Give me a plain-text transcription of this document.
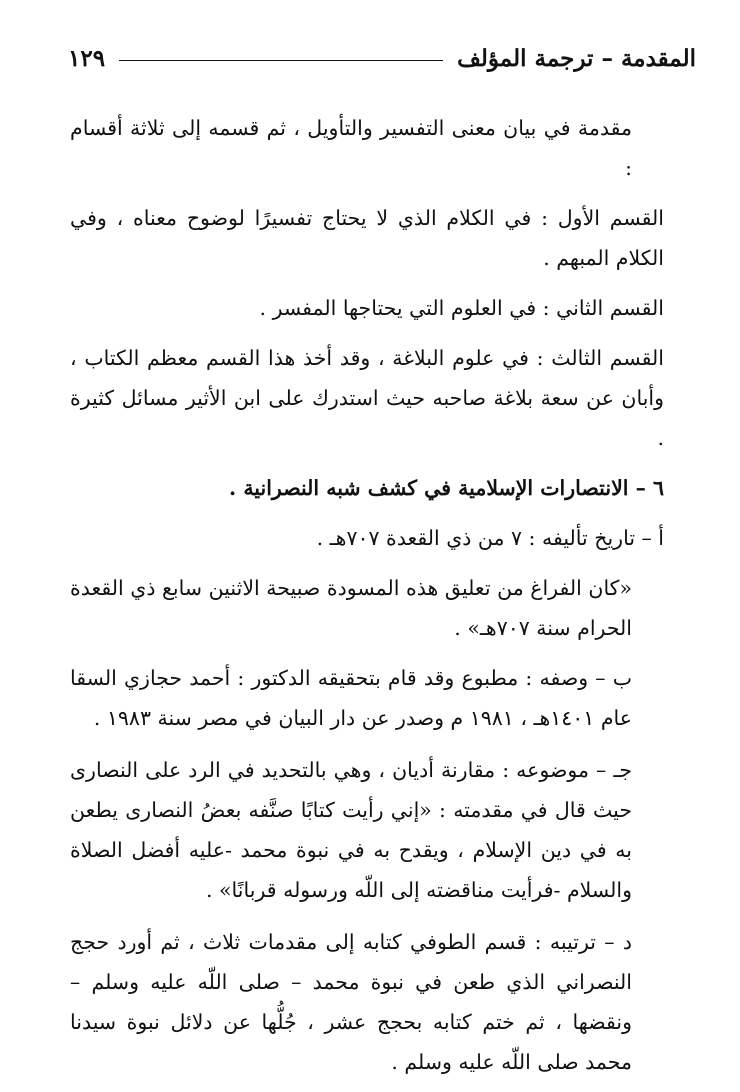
المقدمة – ترجمة المؤلف
١٢٩

مقدمة في بيان معنى التفسير والتأويل ، ثم قسمه إلى ثلاثة أقسام :

القسم الأول : في الكلام الذي لا يحتاج تفسيرًا لوضوح معناه ، وفي الكلام المبهم .

القسم الثاني : في العلوم التي يحتاجها المفسر .

القسم الثالث : في علوم البلاغة ، وقد أخذ هذا القسم معظم الكتاب ، وأبان عن سعة بلاغة صاحبه حيث استدرك على ابن الأثير مسائل كثيرة .

٦ – الانتصارات الإسلامية في كشف شبه النصرانية .

أ – تاريخ تأليفه : ٧ من ذي القعدة ٧٠٧هـ .

«كان الفراغ من تعليق هذه المسودة صبيحة الاثنين سابع ذي القعدة الحرام سنة ٧٠٧هـ» .

ب – وصفه : مطبوع وقد قام بتحقيقه الدكتور : أحمد حجازي السقا عام ١٤٠١هـ ، ١٩٨١ م وصدر عن دار البيان في مصر سنة ١٩٨٣ .

جـ – موضوعه : مقارنة أديان ، وهي بالتحديد في الرد على النصارى حيث قال في مقدمته : «إني رأيت كتابًا صنَّفه بعضُ النصارى يطعن به في دين الإسلام ، ويقدح به في نبوة محمد -عليه أفضل الصلاة والسلام -فرأيت مناقضته إلى اللّه ورسوله قربانًا» .

د – ترتيبه : قسم الطوفي كتابه إلى مقدمات ثلاث ، ثم أورد حجج النصراني الذي طعن في نبوة محمد – صلى اللّه عليه وسلم – ونقضها ، ثم ختم كتابه بحجج عشر ، جُلُّها عن دلائل نبوة سيدنا محمد صلى اللّه عليه وسلم .
